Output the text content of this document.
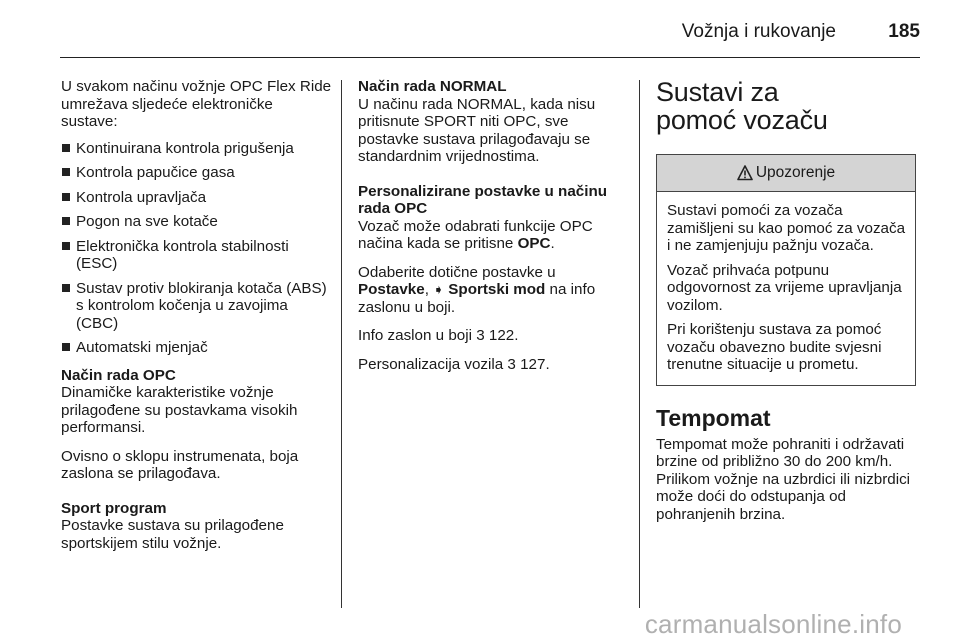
Vožnja i rukovanje	185

U svakom načinu vožnje OPC Flex Ride umrežava sljedeće elektroničke sustave:

Kontinuirana kontrola prigušenja
Kontrola papučice gasa
Kontrola upravljača
Pogon na sve kotače
Elektronička kontrola stabilnosti (ESC)
Sustav protiv blokiranja kotača (ABS) s kontrolom kočenja u zavojima (CBC)
Automatski mjenjač

Način rada OPC
Dinamičke karakteristike vožnje prilagođene su postavkama visokih performansi.

Ovisno o sklopu instrumenata, boja zaslona se prilagođava.

Sport program
Postavke sustava su prilagođene sportskijem stilu vožnje.

Način rada NORMAL
U načinu rada NORMAL, kada nisu pritisnute SPORT niti OPC, sve postavke sustava prilagođavaju se standardnim vrijednostima.

Personalizirane postavke u načinu rada OPC
Vozač može odabrati funkcije OPC načina kada se pritisne OPC.

Odaberite dotične postavke u Postavke, ➧ Sportski mod na info zaslonu u boji.

Info zaslon u boji 3 122.

Personalizacija vozila 3 127.

Sustavi za pomoć vozaču
Upozorenje

Sustavi pomoći za vozača zamišljeni su kao pomoć za vozača i ne zamjenjuju pažnju vozača.

Vozač prihvaća potpunu odgovornost za vrijeme upravljanja vozilom.

Pri korištenju sustava za pomoć vozaču obavezno budite svjesni trenutne situacije u prometu.

Tempomat

Tempomat može pohraniti i održavati brzine od približno 30 do 200 km/h. Prilikom vožnje na uzbrdici ili nizbrdici može doći do odstupanja od pohranjenih brzina.

carmanualsonline.info
